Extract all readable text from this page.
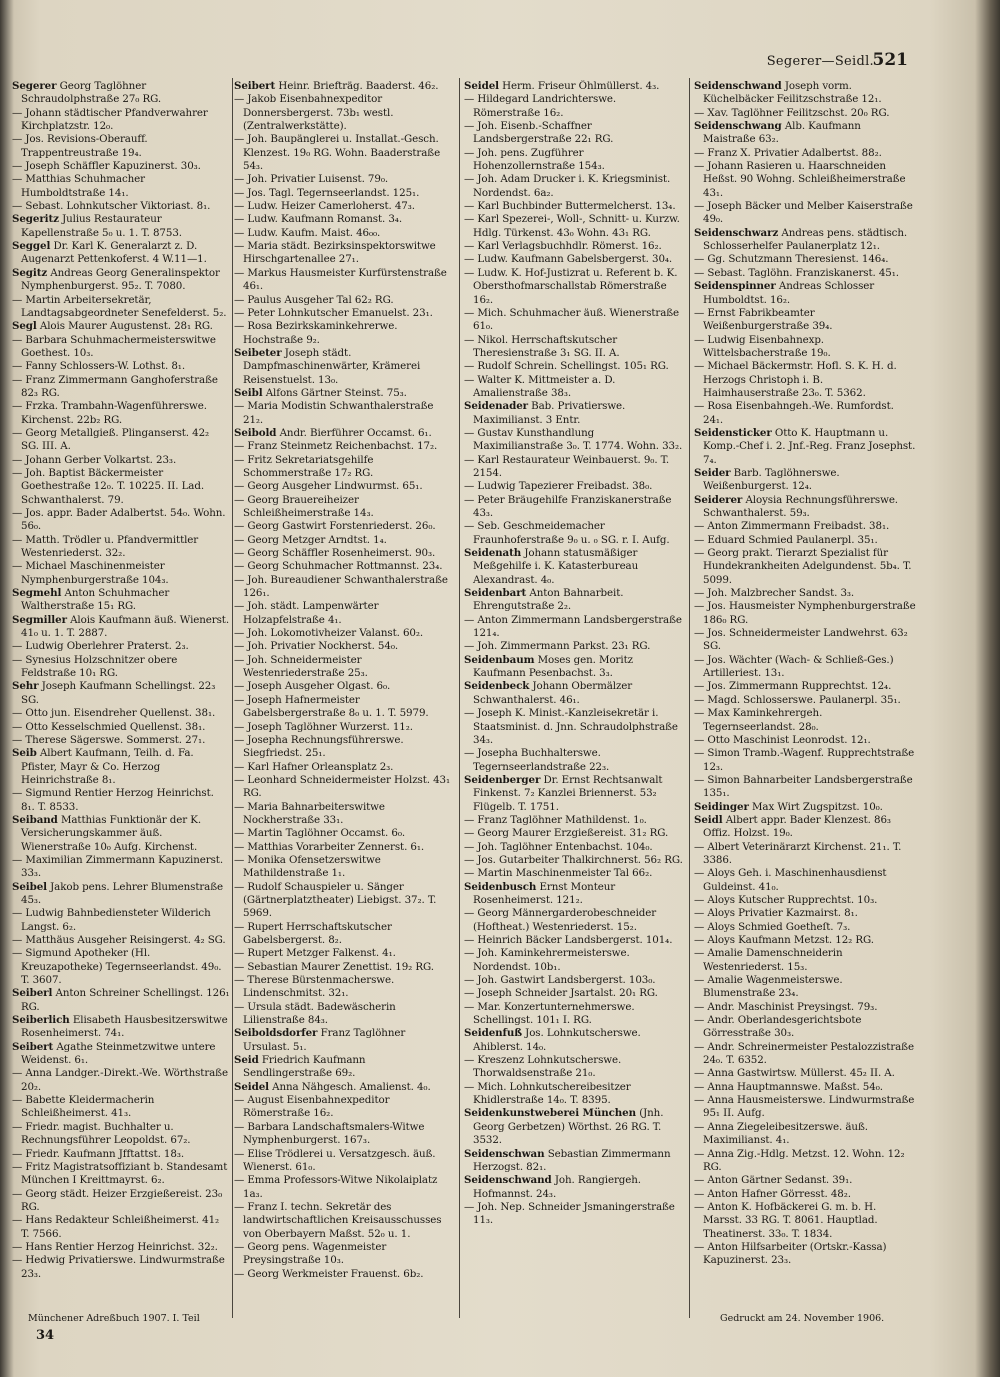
Segerer—Seidl.
521

Segerer Georg Taglöhner Schraudolphstraße 27₀ RG.

— Johann städtischer Pfandverwahrer Kirchplatzstr. 12₀.

— Jos. Revisions-Oberauff. Trappentreustraße 19₄.

— Joseph Schäffler Kapuzinerst. 30₃.

— Matthias Schuhmacher Humboldtstraße 14₁.

— Sebast. Lohnkutscher Viktoriast. 8₁.

Segeritz Julius Restaurateur Kapellenstraße 5₀ u. 1. T. 8753.

Seggel Dr. Karl K. Generalarzt z. D. Augenarzt Pettenkoferst. 4 W.11—1.

Segitz Andreas Georg Generalinspektor Nymphenburgerst. 95₂. T. 7080.

— Martin Arbeitersekretär, Landtagsabgeordneter Senefelderst. 5₂.

Segl Alois Maurer Augustenst. 28₁ RG.

— Barbara Schuhmachermeisterswitwe Goethest. 10₃.

— Fanny Schlossers-W. Lothst. 8₁.

— Franz Zimmermann Ganghoferstraße 82₃ RG.

— Frzka. Trambahn-Wagenführerswe. Kirchenst. 22b₂ RG.

— Georg Metallgieß. Plinganserst. 42₂ SG. III. A.

— Johann Gerber Volkartst. 23₃.

— Joh. Baptist Bäckermeister Goethestraße 12₀. T. 10225. II. Lad. Schwanthalerst. 79.

— Jos. appr. Bader Adalbertst. 54₀. Wohn. 56₀.

— Matth. Trödler u. Pfandvermittler Westenriederst. 32₂.

— Michael Maschinenmeister Nymphenburgerstraße 104₃.

Segmehl Anton Schuhmacher Waltherstraße 15₁ RG.

Segmiller Alois Kaufmann äuß. Wienerst. 41₀ u. 1. T. 2887.

— Ludwig Oberlehrer Praterst. 2₃.

— Synesius Holzschnitzer obere Feldstraße 10₁ RG.

Sehr Joseph Kaufmann Schellingst. 22₃ SG.

— Otto jun. Eisendreher Quellenst. 38₁.

— Otto Kesselschmied Quellenst. 38₁.

— Therese Sägerswe. Sommerst. 27₁.

Seib Albert Kaufmann, Teilh. d. Fa. Pfister, Mayr & Co. Herzog Heinrichstraße 8₁.

— Sigmund Rentier Herzog Heinrichst. 8₁. T. 8533.

Seiband Matthias Funktionär der K. Versicherungskammer äuß. Wienerstraße 10₀ Aufg. Kirchenst.

— Maximilian Zimmermann Kapuzinerst. 33₃.

Seibel Jakob pens. Lehrer Blumenstraße 45₃.

— Ludwig Bahnbediensteter Wilderich Langst. 6₂.

— Matthäus Ausgeher Reisingerst. 4₂ SG.

— Sigmund Apotheker (Hl. Kreuzapotheke) Tegernseerlandst. 49₀. T. 3607.

Seiberl Anton Schreiner Schellingst. 126₁ RG.

Seiberlich Elisabeth Hausbesitzerswitwe Rosenheimerst. 74₁.

Seibert Agathe Steinmetzwitwe untere Weidenst. 6₁.

— Anna Landger.-Direkt.-We. Wörthstraße 20₂.

— Babette Kleidermacherin Schleißheimerst. 41₃.

— Friedr. magist. Buchhalter u. Rechnungsführer Leopoldst. 67₂.

— Friedr. Kaufmann Jfftattst. 18₃.

— Fritz Magistratsoffiziant b. Standesamt München I Kreittmayrst. 6₂.

— Georg städt. Heizer Erzgießereist. 23₀ RG.

— Hans Redakteur Schleißheimerst. 41₂ T. 7566.

— Hans Rentier Herzog Heinrichst. 32₂.

— Hedwig Privatierswe. Lindwurmstraße 23₃.

Seibert Heinr. Briefträg. Baaderst. 46₂.

— Jakob Eisenbahnexpeditor Donnersbergerst. 73b₁ westl. (Zentralwerkstätte).

— Joh. Baupänglerei u. Installat.-Gesch. Klenzest. 19₀ RG. Wohn. Baaderstraße 54₃.

— Joh. Privatier Luisenst. 79₀.

— Jos. Tagl. Tegernseerlandst. 125₁.

— Ludw. Heizer Camerloherst. 47₃.

— Ludw. Kaufmann Romanst. 3₄.

— Ludw. Kaufm. Maist. 46₀₀.

— Maria städt. Bezirksinspektorswitwe Hirschgartenallee 27₁.

— Markus Hausmeister Kurfürstenstraße 46₁.

— Paulus Ausgeher Tal 62₂ RG.

— Peter Lohnkutscher Emanuelst. 23₁.

— Rosa Bezirkskaminkehrerwe. Hochstraße 9₂.

Seibeter Joseph städt. Dampfmaschinenwärter, Krämerei Reisenstuelst. 13₀.

Seibl Alfons Gärtner Steinst. 75₃.

— Maria Modistin Schwanthalerstraße 21₂.

Seibold Andr. Bierführer Occamst. 6₁.

— Franz Steinmetz Reichenbachst. 17₂.

— Fritz Sekretariatsgehilfe Schommerstraße 17₂ RG.

— Georg Ausgeher Lindwurmst. 65₁.

— Georg Brauereiheizer Schleißheimerstraße 14₃.

— Georg Gastwirt Forstenriederst. 26₀.

— Georg Metzger Arndtst. 1₄.

— Georg Schäffler Rosenheimerst. 90₃.

— Georg Schuhmacher Rottmannst. 23₄.

— Joh. Bureaudiener Schwanthalerstraße 126₁.

— Joh. städt. Lampenwärter Holzapfelstraße 4₁.

— Joh. Lokomotivheizer Valanst. 60₂.

— Joh. Privatier Nockherst. 54₀.

— Joh. Schneidermeister Westenriederstraße 25₃.

— Joseph Ausgeher Olgast. 6₀.

— Joseph Hafnermeister Gabelsbergerstraße 8₀ u. 1. T. 5979.

— Joseph Taglöhner Wurzerst. 11₂.

— Josepha Rechnungsführerswe. Siegfriedst. 25₁.

— Karl Hafner Orleansplatz 2₃.

— Leonhard Schneidermeister Holzst. 43₁ RG.

— Maria Bahnarbeiterswitwe Nockherstraße 33₁.

— Martin Taglöhner Occamst. 6₀.

— Matthias Vorarbeiter Zennerst. 6₁.

— Monika Ofensetzerswitwe Mathildenstraße 1₁.

— Rudolf Schauspieler u. Sänger (Gärtnerplatztheater) Liebigst. 37₂. T. 5969.

— Rupert Herrschaftskutscher Gabelsbergerst. 8₂.

— Rupert Metzger Falkenst. 4₁.

— Sebastian Maurer Zenettist. 19₂ RG.

— Therese Bürstenmacherswe. Lindenschmitst. 32₁.

— Ursula städt. Badewäscherin Lilienstraße 84₃.

Seiboldsdorfer Franz Taglöhner Ursulast. 5₁.

Seid Friedrich Kaufmann Sendlingerstraße 69₂.

Seidel Anna Nähgesch. Amalienst. 4₀.

— August Eisenbahnexpeditor Römerstraße 16₂.

— Barbara Landschaftsmalers-Witwe Nymphenburgerst. 167₃.

— Elise Trödlerei u. Versatzgesch. äuß. Wienerst. 61₀.

— Emma Professors-Witwe Nikolaiplatz 1a₃.

— Franz I. techn. Sekretär des landwirtschaftlichen Kreisausschusses von Oberbayern Maßst. 52₀ u. 1.

— Georg pens. Wagenmeister Preysingstraße 10₃.

— Georg Werkmeister Frauenst. 6b₂.

Seidel Herm. Friseur Öhlmüllerst. 4₃.

— Hildegard Landrichterswe. Römerstraße 16₂.

— Joh. Eisenb.-Schaffner Landsbergerstraße 22₁ RG.

— Joh. pens. Zugführer Hohenzollernstraße 154₃.

— Joh. Adam Drucker i. K. Kriegsminist. Nordendst. 6a₂.

— Karl Buchbinder Buttermelcherst. 13₄.

— Karl Spezerei-, Woll-, Schnitt- u. Kurzw. Hdlg. Türkenst. 43₀ Wohn. 43₁ RG.

— Karl Verlagsbuchhdlr. Römerst. 16₂.

— Ludw. Kaufmann Gabelsbergerst. 30₄.

— Ludw. K. Hof-Justizrat u. Referent b. K. Obersthofmarschallstab Römerstraße 16₂.

— Mich. Schuhmacher äuß. Wienerstraße 61₀.

— Nikol. Herrschaftskutscher Theresienstraße 3₁ SG. II. A.

— Rudolf Schrein. Schellingst. 105₁ RG.

— Walter K. Mittmeister a. D. Amalienstraße 38₃.

Seidenader Bab. Privatierswe. Maximilianst. 3 Entr.

— Gustav Kunsthandlung Maximilianstraße 3₀. T. 1774. Wohn. 33₂.

— Karl Restaurateur Weinbauerst. 9₀. T. 2154.

— Ludwig Tapezierer Freibadst. 38₀.

— Peter Bräugehilfe Franziskanerstraße 43₃.

— Seb. Geschmeidemacher Fraunhoferstraße 9₀ u. ₀ SG. r. I. Aufg.

Seidenath Johann statusmäßiger Meßgehilfe i. K. Katasterbureau Alexandrast. 4₀.

Seidenbart Anton Bahnarbeit. Ehrengutstraße 2₂.

— Anton Zimmermann Landsbergerstraße 121₄.

— Joh. Zimmermann Parkst. 23₁ RG.

Seidenbaum Moses gen. Moritz Kaufmann Pesenbachst. 3₃.

Seidenbeck Johann Obermälzer Schwanthalerst. 46₁.

— Joseph K. Minist.-Kanzleisekretär i. Staatsminist. d. Jnn. Schraudolphstraße 34₃.

— Josepha Buchhalterswe. Tegernseerlandstraße 22₃.

Seidenberger Dr. Ernst Rechtsanwalt Finkenst. 7₂ Kanzlei Briennerst. 53₂ Flügelb. T. 1751.

— Franz Taglöhner Mathildenst. 1₀.

— Georg Maurer Erzgießereist. 31₂ RG.

— Joh. Taglöhner Entenbachst. 104₀.

— Jos. Gutarbeiter Thalkirchnerst. 56₂ RG.

— Martin Maschinenmeister Tal 66₂.

Seidenbusch Ernst Monteur Rosenheimerst. 121₂.

— Georg Männergarderobeschneider (Hoftheat.) Westenriederst. 15₂.

— Heinrich Bäcker Landsbergerst. 101₄.

— Joh. Kaminkehrermeisterswe. Nordendst. 10b₁.

— Joh. Gastwirt Landsbergerst. 103₀.

— Joseph Schneider Jsartalst. 20₁ RG.

— Mar. Konzertunternehmerswe. Schellingst. 101₁ I. RG.

Seidenfuß Jos. Lohnkutscherswe. Ahiblerst. 14₀.

— Kreszenz Lohnkutscherswe. Thorwaldsenstraße 21₀.

— Mich. Lohnkutschereibesitzer Khidlerstraße 14₀. T. 8395.

Seidenkunstweberei München (Jnh. Georg Gerbetzen) Wörthst. 26 RG. T. 3532.

Seidenschwan Sebastian Zimmermann Herzogst. 82₁.

Seidenschwand Joh. Rangiergeh. Hofmannst. 24₃.

— Joh. Nep. Schneider Jsmaningerstraße 11₃.

Seidenschwand Joseph vorm. Küchelbäcker Feilitzschstraße 12₁.

— Xav. Taglöhner Feilitzschst. 20₀ RG.

Seidenschwang Alb. Kaufmann Maistraße 63₂.

— Franz X. Privatier Adalbertst. 88₂.

— Johann Rasieren u. Haarschneiden Heßst. 90 Wohng. Schleißheimerstraße 43₁.

— Joseph Bäcker und Melber Kaiserstraße 49₀.

Seidenschwarz Andreas pens. städtisch. Schlosserhelfer Paulanerplatz 12₁.

— Gg. Schutzmann Theresienst. 146₄.

— Sebast. Taglöhn. Franziskanerst. 45₁.

Seidenspinner Andreas Schlosser Humboldtst. 16₂.

— Ernst Fabrikbeamter Weißenburgerstraße 39₄.

— Ludwig Eisenbahnexp. Wittelsbacherstraße 19₀.

— Michael Bäckermstr. Hofl. S. K. H. d. Herzogs Christoph i. B. Haimhauserstraße 23₀. T. 5362.

— Rosa Eisenbahngeh.-We. Rumfordst. 24₁.

Seidensticker Otto K. Hauptmann u. Komp.-Chef i. 2. Jnf.-Reg. Franz Josephst. 7₄.

Seider Barb. Taglöhnerswe. Weißenburgerst. 12₄.

Seiderer Aloysia Rechnungsführerswe. Schwanthalerst. 59₃.

— Anton Zimmermann Freibadst. 38₁.

— Eduard Schmied Paulanerpl. 35₁.

— Georg prakt. Tierarzt Spezialist für Hundekrankheiten Adelgundenst. 5b₄. T. 5099.

— Joh. Malzbrecher Sandst. 3₃.

— Jos. Hausmeister Nymphenburgerstraße 186₀ RG.

— Jos. Schneidermeister Landwehrst. 63₂ SG.

— Jos. Wächter (Wach- & Schließ-Ges.) Artilleriest. 13₁.

— Jos. Zimmermann Rupprechtst. 12₄.

— Magd. Schlosserswe. Paulanerpl. 35₁.

— Max Kaminkehrergeh. Tegernseerlandst. 28₀.

— Otto Maschinist Leonrodst. 12₁.

— Simon Tramb.-Wagenf. Rupprechtstraße 12₃.

— Simon Bahnarbeiter Landsbergerstraße 135₁.

Seidinger Max Wirt Zugspitzst. 10₀.

Seidl Albert appr. Bader Klenzest. 86₃ Offiz. Holzst. 19₀.

— Albert Veterinärarzt Kirchenst. 21₁. T. 3386.

— Aloys Geh. i. Maschinenhausdienst Guldeinst. 41₀.

— Aloys Kutscher Rupprechtst. 10₃.

— Aloys Privatier Kazmairst. 8₁.

— Aloys Schmied Goetheſt. 7₃.

— Aloys Kaufmann Metzst. 12₂ RG.

— Amalie Damenschneiderin Westenriederst. 15₃.

— Amalie Wagenmeisterswe. Blumenstraße 23₄.

— Andr. Maschinist Preysingst. 79₃.

— Andr. Oberlandesgerichtsbote Görresstraße 30₃.

— Andr. Schreinermeister Pestalozzistraße 24₀. T. 6352.

— Anna Gastwirtsw. Müllerst. 45₂ II. A.

— Anna Hauptmannswe. Maßst. 54₀.

— Anna Hausmeisterswe. Lindwurmstraße 95₁ II. Aufg.

— Anna Ziegeleibesitzerswe. äuß. Maximilianst. 4₁.

— Anna Zig.-Hdlg. Metzst. 12. Wohn. 12₂ RG.

— Anton Gärtner Sedanst. 39₁.

— Anton Hafner Görresst. 48₂.

— Anton K. Hofbäckerei G. m. b. H. Marsst. 33 RG. T. 8061. Hauptlad. Theatinerst. 33₀. T. 1834.

— Anton Hilfsarbeiter (Ortskr.-Kassa) Kapuzinerst. 23₃.

Münchener Adreßbuch 1907. I. Teil
34
Gedruckt am 24. November 1906.
